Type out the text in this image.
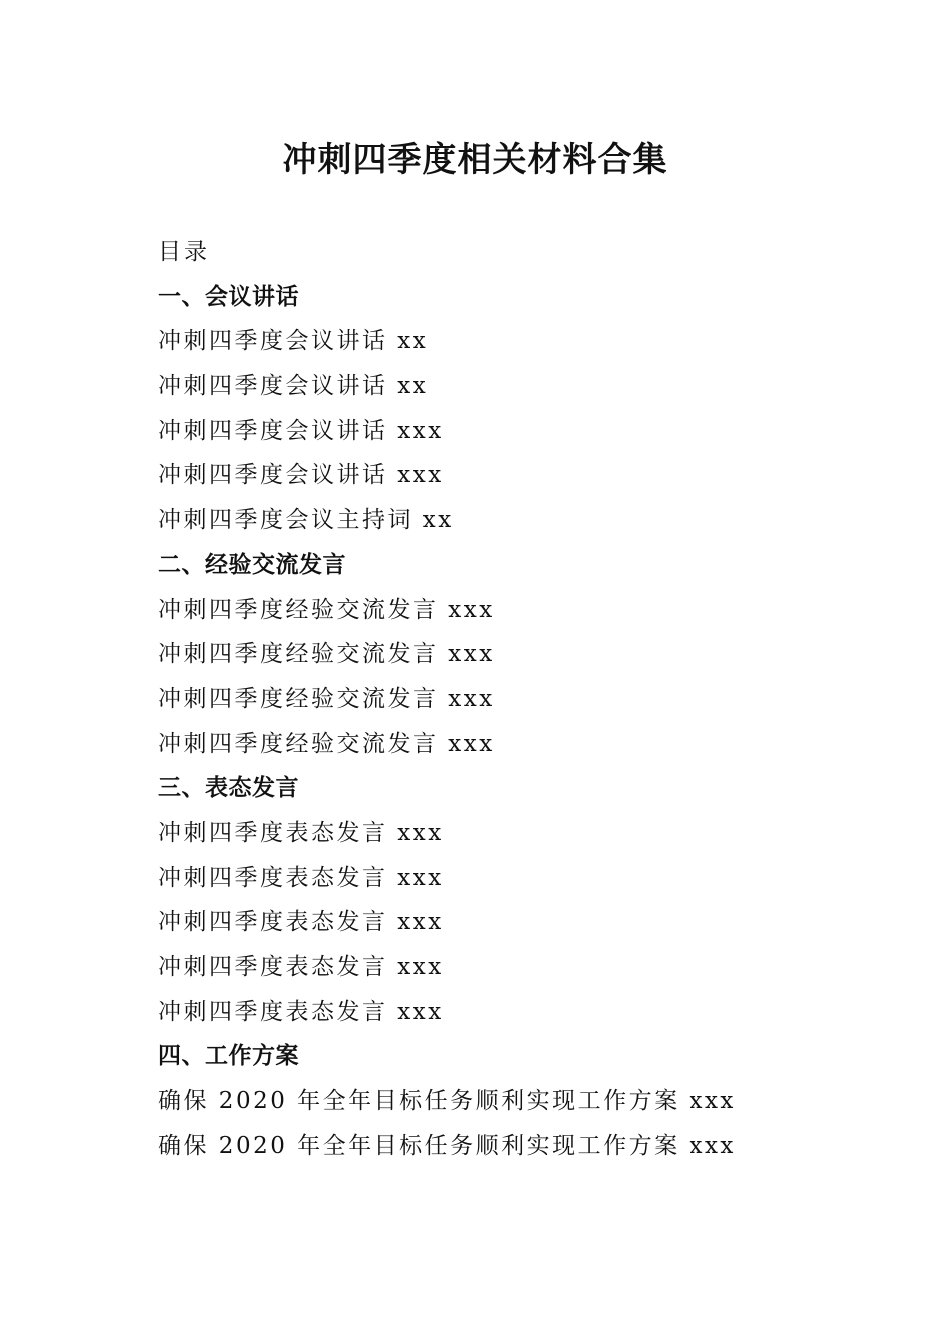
冲刺四季度相关材料合集
目录
一、会议讲话
冲刺四季度会议讲话 xx
冲刺四季度会议讲话 xx
冲刺四季度会议讲话 xxx
冲刺四季度会议讲话 xxx
冲刺四季度会议主持词 xx
二、经验交流发言
冲刺四季度经验交流发言 xxx
冲刺四季度经验交流发言 xxx
冲刺四季度经验交流发言 xxx
冲刺四季度经验交流发言 xxx
三、表态发言
冲刺四季度表态发言 xxx
冲刺四季度表态发言 xxx
冲刺四季度表态发言 xxx
冲刺四季度表态发言 xxx
冲刺四季度表态发言 xxx
四、工作方案
确保 2020 年全年目标任务顺利实现工作方案 xxx
确保 2020 年全年目标任务顺利实现工作方案 xxx
